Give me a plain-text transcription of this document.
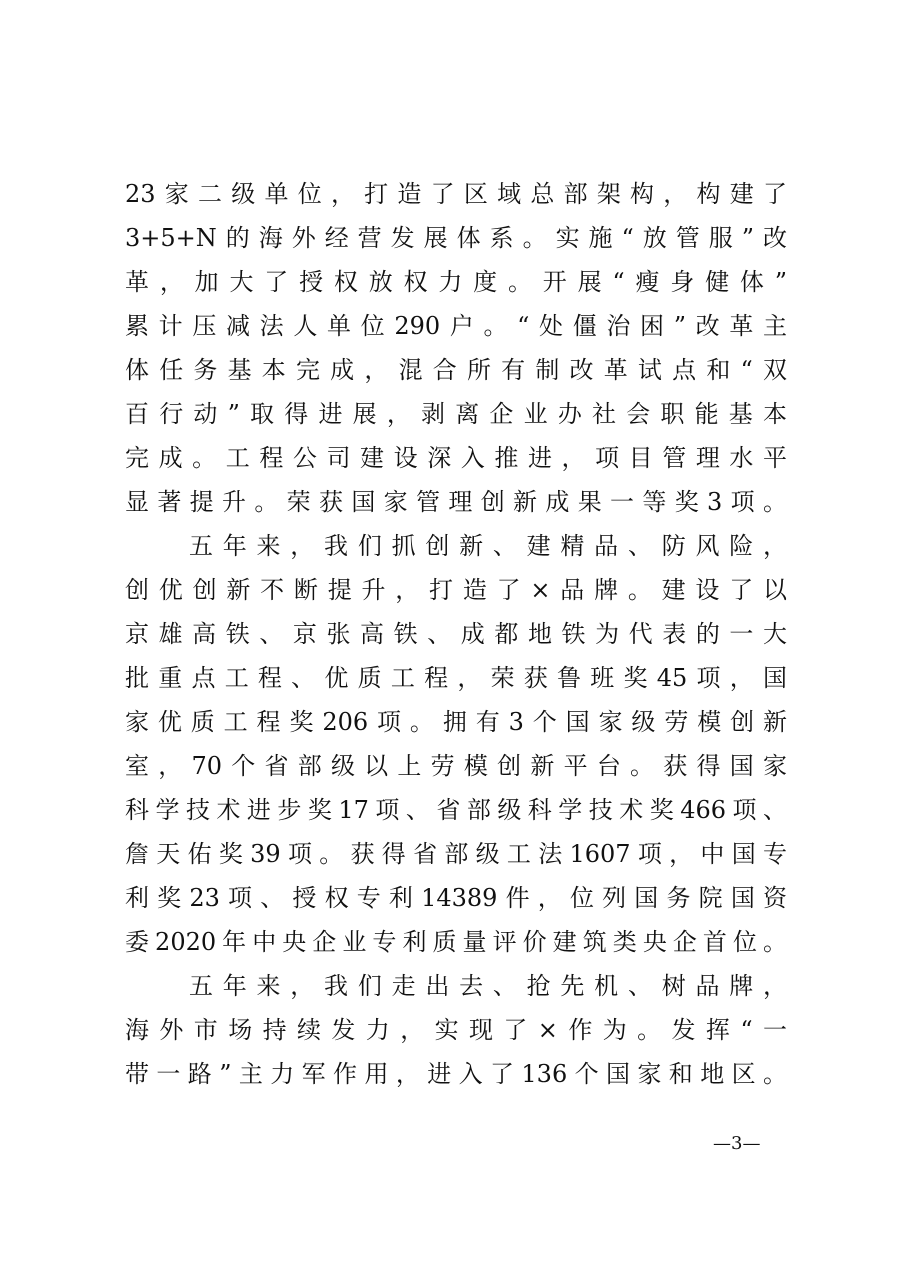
23家二级单位，打造了区域总部架构，构建了
3+5+N的海外经营发展体系。实施“放管服”改
革，加大了授权放权力度。开展“瘦身健体”
累计压减法人单位290户。“处僵治困”改革主
体任务基本完成，混合所有制改革试点和“双
百行动”取得进展，剥离企业办社会职能基本
完成。工程公司建设深入推进，项目管理水平
显著提升。荣获国家管理创新成果一等奖3项。
五年来，我们抓创新、建精品、防风险，
创优创新不断提升，打造了×品牌。建设了以
京雄高铁、京张高铁、成都地铁为代表的一大
批重点工程、优质工程，荣获鲁班奖45项，国
家优质工程奖206项。拥有3个国家级劳模创新
室，70个省部级以上劳模创新平台。获得国家
科学技术进步奖17项、省部级科学技术奖466项、
詹天佑奖39项。获得省部级工法1607项，中国专
利奖23项、授权专利14389件，位列国务院国资
委2020年中央企业专利质量评价建筑类央企首位。
五年来，我们走出去、抢先机、树品牌，
海外市场持续发力，实现了×作为。发挥“一
带一路”主力军作用，进入了136个国家和地区。
—3—
